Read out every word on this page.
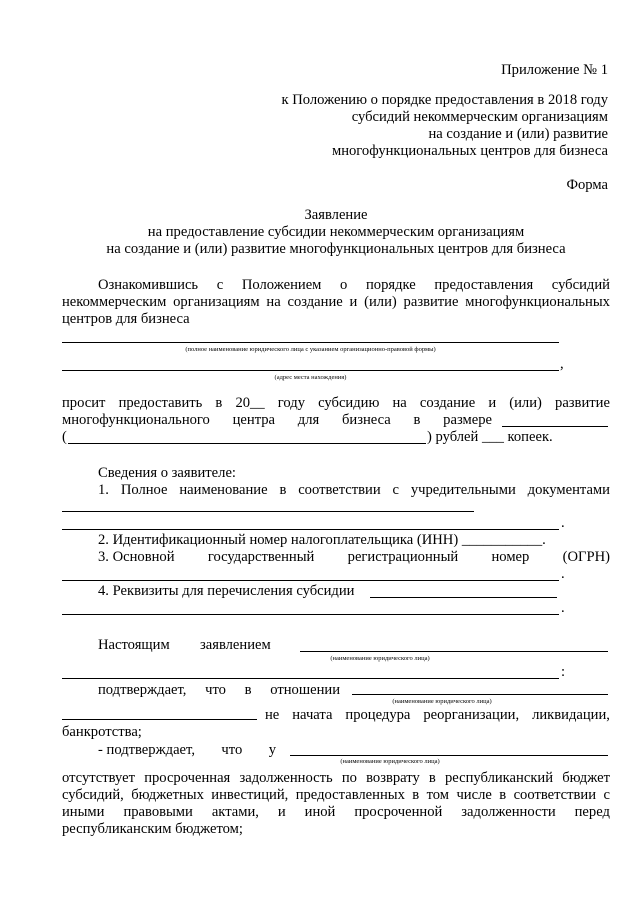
Приложение № 1
к Положению о порядке предоставления в 2018 году
субсидий некоммерческим организациям
на создание и (или) развитие
многофункциональных центров для бизнеса
Форма
Заявление
на предоставление субсидии некоммерческим организациям
на создание и (или) развитие многофункциональных центров для бизнеса
Ознакомившись с Положением о порядке предоставления субсидий
некоммерческим организациям на создание и (или) развитие многофункциональных
центров для бизнеса
(полное наименование юридического лица с указанием организационно-правовой формы)
,
(адрес места нахождения)
просит предоставить в 20__ году субсидию на создание и (или) развитие
многофункционального центра для бизнеса в размере
(	) рублей ___ копеек.
Сведения о заявителе:
1. Полное наименование в соответствии с учредительными документами
.
2. Идентификационный номер налогоплательщика (ИНН) ___________.
3. Основной государственный регистрационный номер (ОГРН)
.
4. Реквизиты для перечисления субсидии
.
Настоящим заявлением
(наименование юридического лица)
:
подтверждает, что в отношении
(наименование юридического лица)
не начата процедура реорганизации, ликвидации,
банкротства;
- подтверждает, что у
(наименование юридического лица)
отсутствует просроченная задолженность по возврату в республиканский бюджет
субсидий, бюджетных инвестиций, предоставленных в том числе в соответствии с
иными правовыми актами, и иной просроченной задолженности перед
республиканским бюджетом;
